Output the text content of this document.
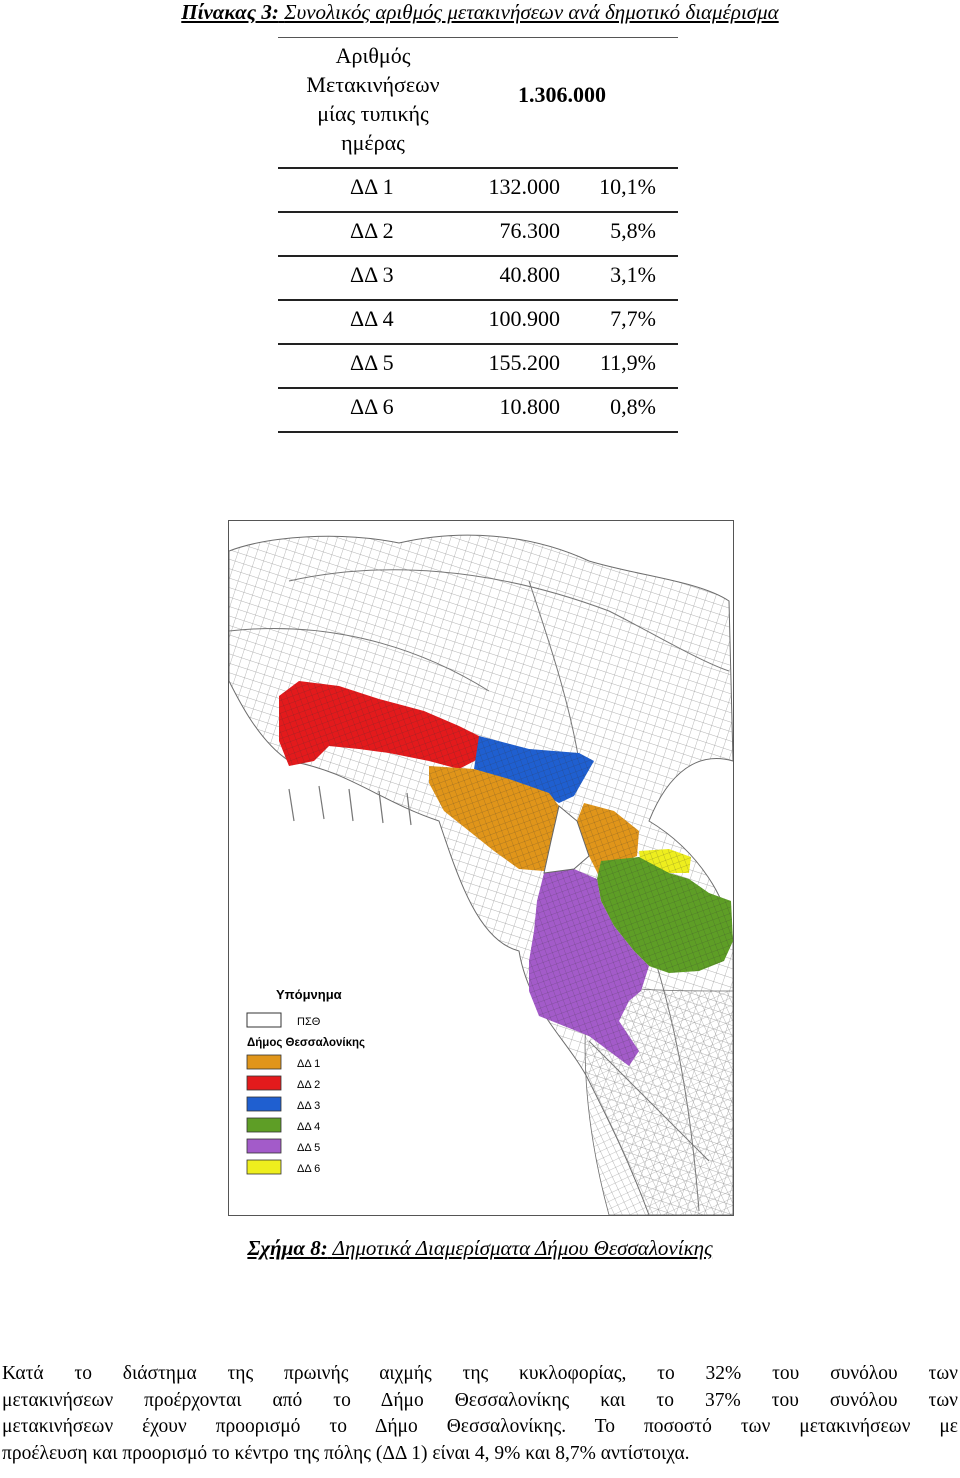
Πίνακας 3: Συνολικός αριθμός μετακινήσεων ανά δημοτικό διαμέρισμα
Αριθμός
Μετακινήσεων
μίας τυπικής
ημέρας
1.306.000
ΔΔ 1	132.000 10,1%
ΔΔ 2	76.300 5,8%
ΔΔ 3	40.800 3,1%
ΔΔ 4	100.900 7,7%
ΔΔ 5	155.200 11,9%
ΔΔ 6	10.800 0,8%
Υπόμνημα
ΠΣΘ
Δήμος Θεσσαλονίκης
ΔΔ 1
ΔΔ 2
ΔΔ 3
ΔΔ 4
ΔΔ 5
ΔΔ 6
Σχήμα 8: Δημοτικά Διαμερίσματα Δήμου Θεσσαλονίκης
Κατά το διάστημα της πρωινής αιχμής της κυκλοφορίας, το 32% του συνόλου των
μετακινήσεων προέρχονται από το Δήμο Θεσσαλονίκης και το 37% του συνόλου των
μετακινήσεων έχουν προορισμό το Δήμο Θεσσαλονίκης. Το ποσοστό των μετακινήσεων με
προέλευση και προορισμό το κέντρο της πόλης (ΔΔ 1) είναι 4, 9% και 8,7% αντίστοιχα.
